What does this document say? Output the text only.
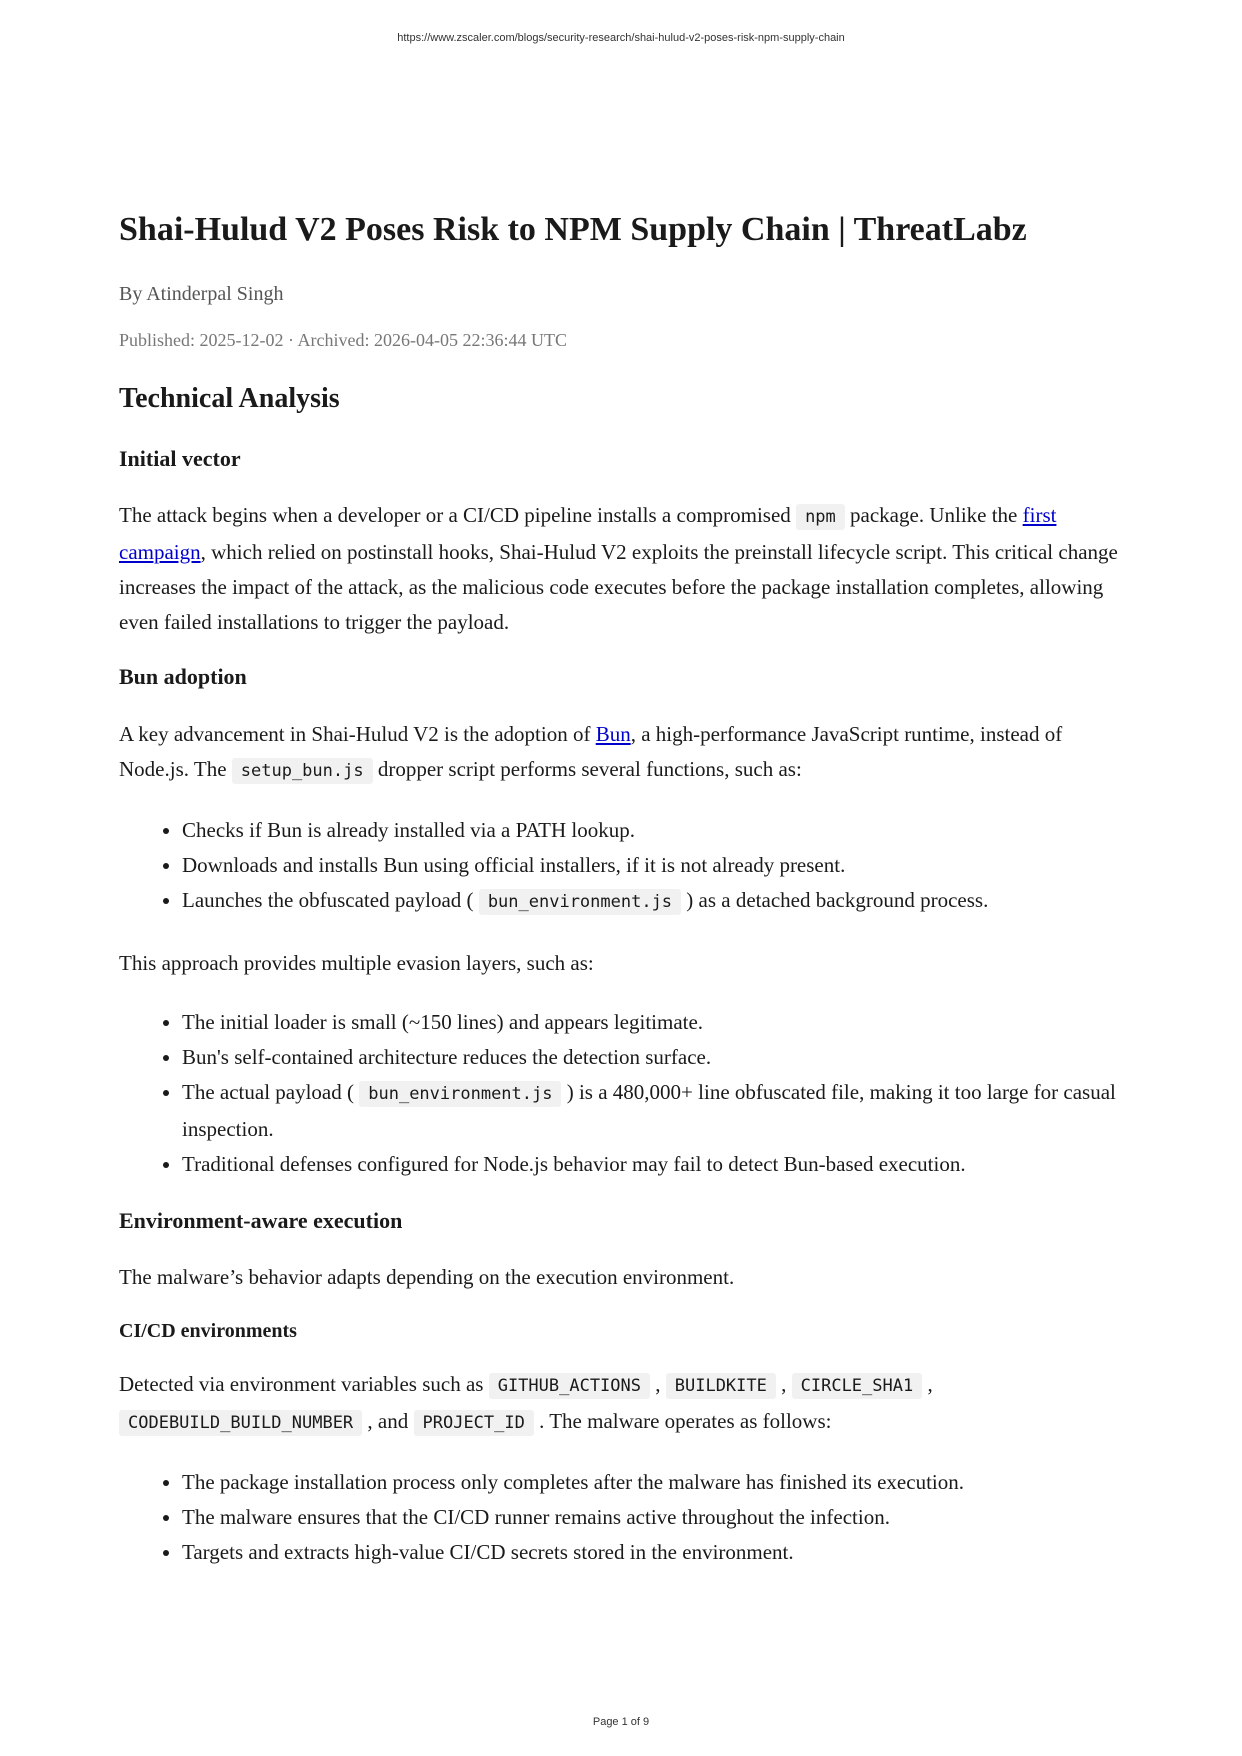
https://www.zscaler.com/blogs/security-research/shai-hulud-v2-poses-risk-npm-supply-chain
Shai-Hulud V2 Poses Risk to NPM Supply Chain | ThreatLabz
By Atinderpal Singh
Published: 2025-12-02 · Archived: 2026-04-05 22:36:44 UTC
Technical Analysis
Initial vector

The attack begins when a developer or a CI/CD pipeline installs a compromised npm package. Unlike the first campaign, which relied on postinstall hooks, Shai-Hulud V2 exploits the preinstall lifecycle script. This critical change increases the impact of the attack, as the malicious code executes before the package installation completes, allowing even failed installations to trigger the payload.

Bun adoption

A key advancement in Shai-Hulud V2 is the adoption of Bun, a high-performance JavaScript runtime, instead of Node.js. The setup_bun.js dropper script performs several functions, such as:

• Checks if Bun is already installed via a PATH lookup.
• Downloads and installs Bun using official installers, if it is not already present.
• Launches the obfuscated payload ( bun_environment.js ) as a detached background process.

This approach provides multiple evasion layers, such as:

• The initial loader is small (~150 lines) and appears legitimate.
• Bun's self-contained architecture reduces the detection surface.
• The actual payload ( bun_environment.js ) is a 480,000+ line obfuscated file, making it too large for casual inspection.
• Traditional defenses configured for Node.js behavior may fail to detect Bun-based execution.
Environment-aware execution

The malware’s behavior adapts depending on the execution environment.

CI/CD environments

Detected via environment variables such as GITHUB_ACTIONS , BUILDKITE , CIRCLE_SHA1 , CODEBUILD_BUILD_NUMBER , and PROJECT_ID . The malware operates as follows:

• The package installation process only completes after the malware has finished its execution.
• The malware ensures that the CI/CD runner remains active throughout the infection.
• Targets and extracts high-value CI/CD secrets stored in the environment.
Page 1 of 9
